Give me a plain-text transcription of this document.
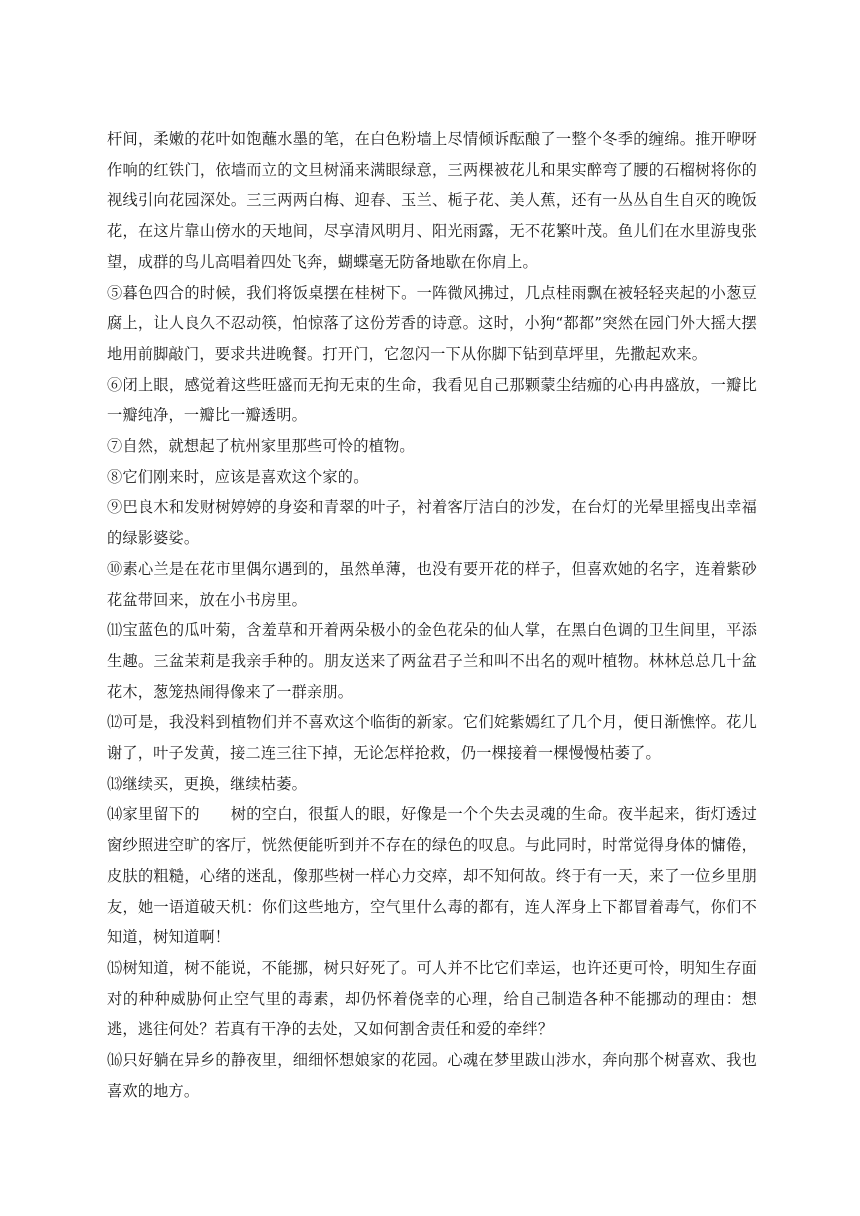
杆间，柔嫩的花叶如饱蘸水墨的笔，在白色粉墙上尽情倾诉酝酿了一整个冬季的缠绵。推开咿呀作响的红铁门，依墙而立的文旦树涌来满眼绿意，三两棵被花儿和果实醉弯了腰的石榴树将你的视线引向花园深处。三三两两白梅、迎春、玉兰、栀子花、美人蕉，还有一丛丛自生自灭的晚饭花，在这片靠山傍水的天地间，尽享清风明月、阳光雨露，无不花繁叶茂。鱼儿们在水里游曳张望，成群的鸟儿高唱着四处飞奔，蝴蝶毫无防备地歇在你肩上。

⑤暮色四合的时候，我们将饭桌摆在桂树下。一阵微风拂过，几点桂雨飘在被轻轻夹起的小葱豆腐上，让人良久不忍动筷，怕惊落了这份芳香的诗意。这时，小狗“都都”突然在园门外大摇大摆地用前脚敲门，要求共进晚餐。打开门，它忽闪一下从你脚下钻到草坪里，先撒起欢来。

⑥闭上眼，感觉着这些旺盛而无拘无束的生命，我看见自己那颗蒙尘结痂的心冉冉盛放，一瓣比一瓣纯净，一瓣比一瓣透明。

⑦自然，就想起了杭州家里那些可怜的植物。

⑧它们刚来时，应该是喜欢这个家的。

⑨巴良木和发财树婷婷的身姿和青翠的叶子，衬着客厅洁白的沙发，在台灯的光晕里摇曳出幸福的绿影婆娑。

⑩素心兰是在花市里偶尔遇到的，虽然单薄，也没有要开花的样子，但喜欢她的名字，连着紫砂花盆带回来，放在小书房里。

⑾宝蓝色的瓜叶菊，含羞草和开着两朵极小的金色花朵的仙人掌，在黑白色调的卫生间里，平添生趣。三盆茉莉是我亲手种的。朋友送来了两盆君子兰和叫不出名的观叶植物。林林总总几十盆花木，葱笼热闹得像来了一群亲朋。

⑿可是，我没料到植物们并不喜欢这个临街的新家。它们姹紫嫣红了几个月，便日渐憔悴。花儿谢了，叶子发黄，接二连三往下掉，无论怎样抢救，仍一棵接着一棵慢慢枯萎了。

⒀继续买，更换，继续枯萎。

⒁家里留下的　　树的空白，很蜇人的眼，好像是一个个失去灵魂的生命。夜半起来，街灯透过窗纱照进空旷的客厅，恍然便能听到并不存在的绿色的叹息。与此同时，时常觉得身体的慵倦，皮肤的粗糙，心绪的迷乱，像那些树一样心力交瘁，却不知何故。终于有一天，来了一位乡里朋友，她一语道破天机：你们这些地方，空气里什么毒的都有，连人浑身上下都冒着毒气，你们不知道，树知道啊！

⒂树知道，树不能说，不能挪，树只好死了。可人并不比它们幸运，也许还更可怜，明知生存面对的种种威胁何止空气里的毒素，却仍怀着侥幸的心理，给自己制造各种不能挪动的理由：想逃，逃往何处？若真有干净的去处，又如何割舍责任和爱的牵绊？

⒃只好躺在异乡的静夜里，细细怀想娘家的花园。心魂在梦里跋山涉水，奔向那个树喜欢、我也喜欢的地方。
